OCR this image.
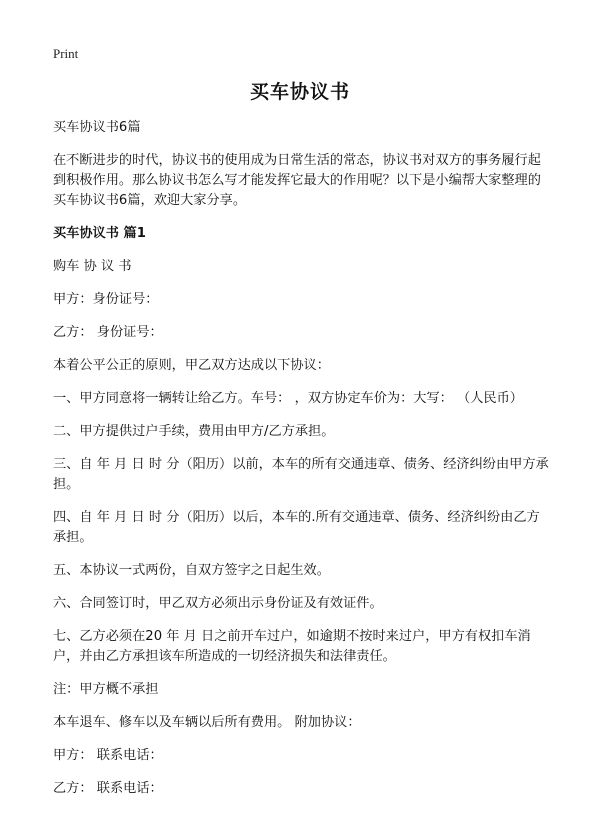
Print
买车协议书

买车协议书6篇

在不断进步的时代，协议书的使用成为日常生活的常态，协议书对双方的事务履行起到积极作用。那么协议书怎么写才能发挥它最大的作用呢？以下是小编帮大家整理的买车协议书6篇，欢迎大家分享。

买车协议书 篇1

购车 协 议 书

甲方：身份证号：

乙方： 身份证号：

本着公平公正的原则，甲乙双方达成以下协议：

一、甲方同意将一辆转让给乙方。车号： ，双方协定车价为：大写： （人民币）

二、甲方提供过户手续，费用由甲方/乙方承担。

三、自 年 月 日 时 分（阳历）以前，本车的所有交通违章、债务、经济纠纷由甲方承担。

四、自 年 月 日 时 分（阳历）以后，本车的.所有交通违章、债务、经济纠纷由乙方承担。

五、本协议一式两份，自双方签字之日起生效。

六、合同签订时，甲乙双方必须出示身份证及有效证件。

七、乙方必须在20 年 月 日之前开车过户，如逾期不按时来过户，甲方有权扣车消户，并由乙方承担该车所造成的一切经济损失和法律责任。

注：甲方概不承担

本车退车、修车以及车辆以后所有费用。 附加协议：

甲方： 联系电话：

乙方： 联系电话：
